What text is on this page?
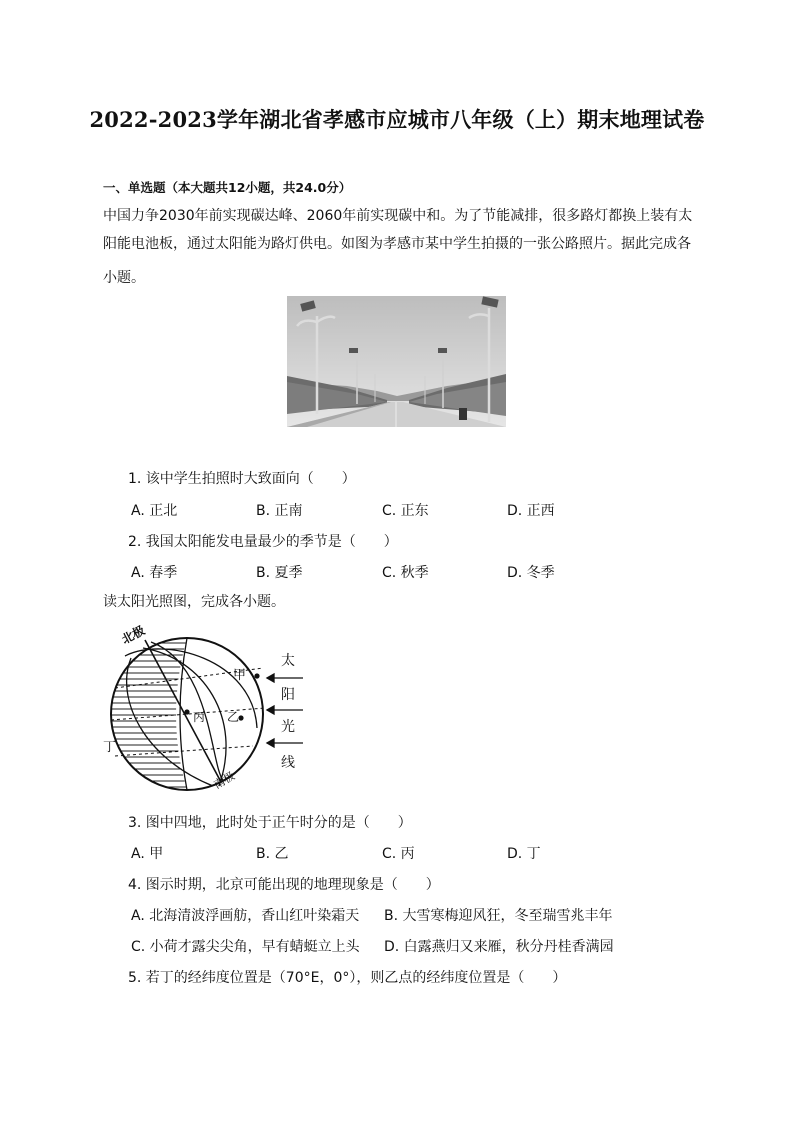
2022-2023学年湖北省孝感市应城市八年级（上）期末地理试卷
一、单选题（本大题共12小题，共24.0分）
中国力争2030年前实现碳达峰、2060年前实现碳中和。为了节能减排，很多路灯都换上装有太
阳能电池板，通过太阳能为路灯供电。如图为孝感市某中学生拍摄的一张公路照片。据此完成各
小题。
1. 该中学生拍照时大致面向（　　）
A. 正北	B. 正南	C. 正东	D. 正西
2. 我国太阳能发电量最少的季节是（　　）
A. 春季	B. 夏季	C. 秋季	D. 冬季
读太阳光照图，完成各小题。
北极
南极
甲
乙
丙
丁
太
阳
光
线
3. 图中四地，此时处于正午时分的是（　　）
A. 甲	B. 乙	C. 丙	D. 丁
4. 图示时期，北京可能出现的地理现象是（　　）
A. 北海清波浮画舫，香山红叶染霜天 B. 大雪寒梅迎风狂，冬至瑞雪兆丰年
C. 小荷才露尖尖角，早有蜻蜓立上头 D. 白露燕归又来雁，秋分丹桂香满园
5. 若丁的经纬度位置是（70°E，0°），则乙点的经纬度位置是（　　）
